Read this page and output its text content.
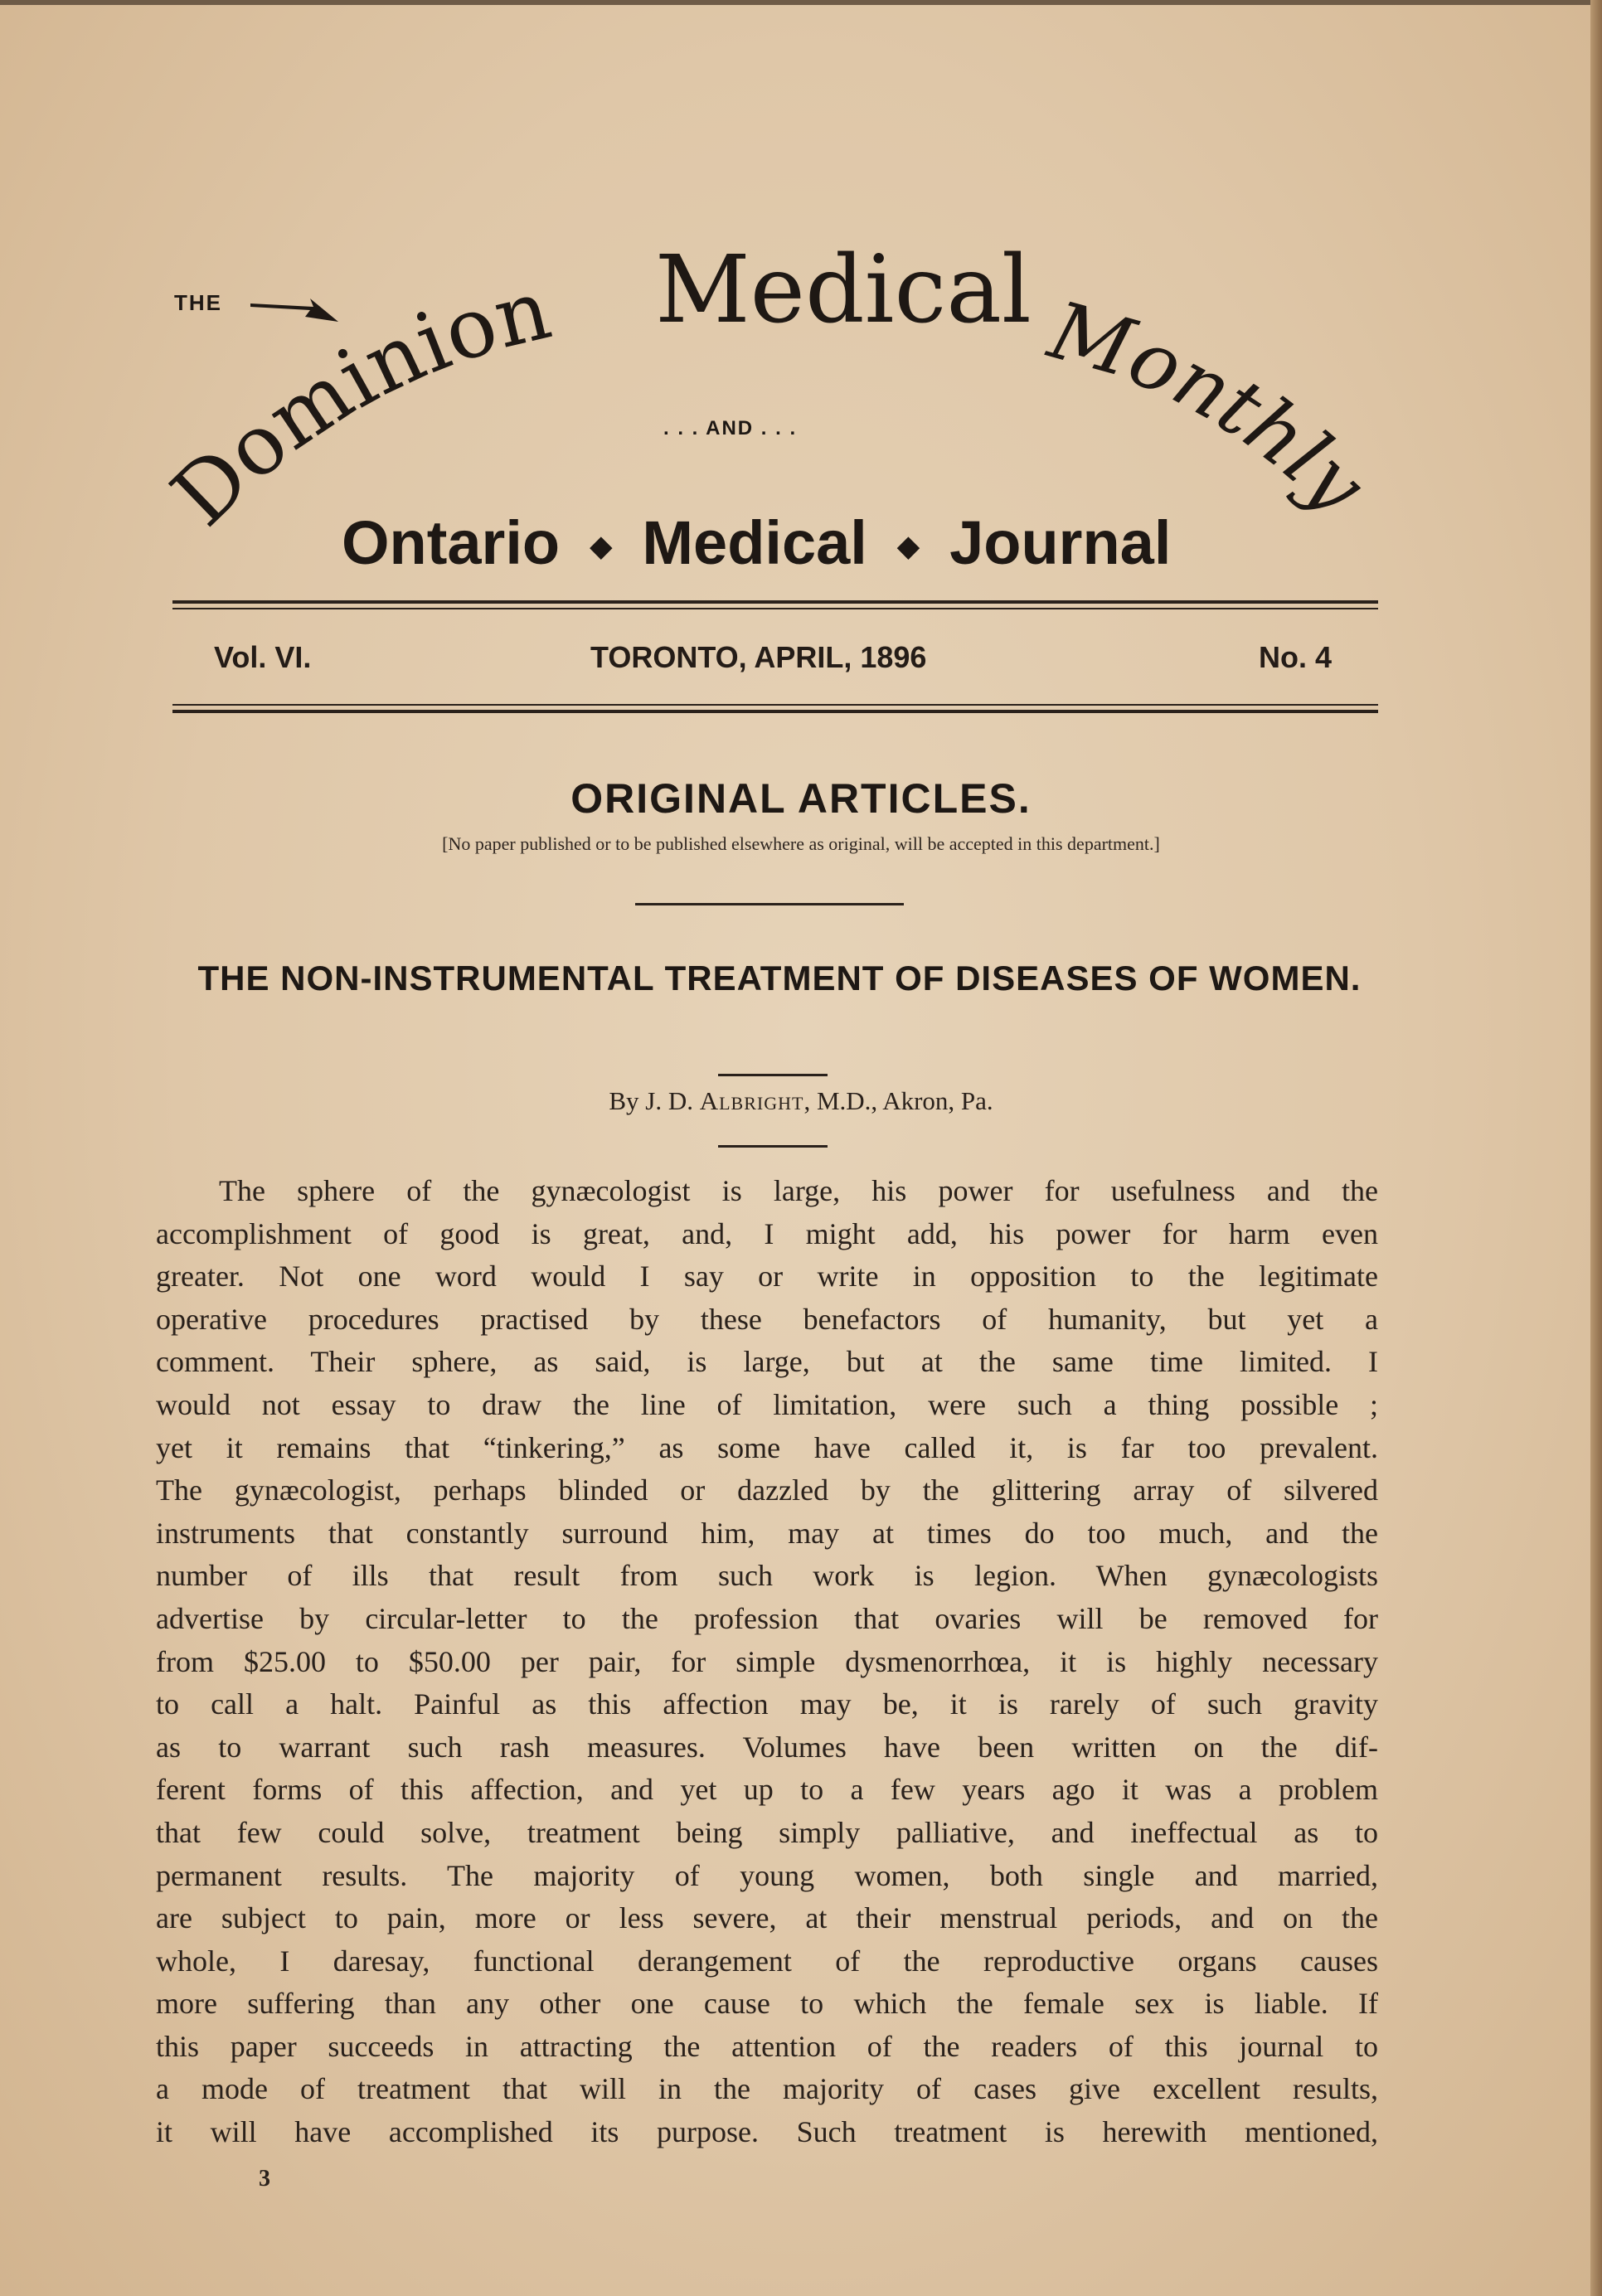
THE
Dominion	Monthly
Medical
. . . AND . . .
Ontario ◆ Medical ◆ Journal
Vol. VI.	TORONTO, APRIL, 1896	No. 4
ORIGINAL ARTICLES.
[No paper published or to be published elsewhere as original, will be accepted in this department.]
THE NON-INSTRUMENTAL TREATMENT OF DISEASES OF WOMEN.
By J. D. Albright, M.D., Akron, Pa.
The sphere of the gynæcologist is large, his power for usefulness and the
accomplishment of good is great, and, I might add, his power for harm even
greater. Not one word would I say or write in opposition to the legitimate
operative procedures practised by these benefactors of humanity, but yet a
comment. Their sphere, as said, is large, but at the same time limited. I
would not essay to draw the line of limitation, were such a thing possible ;
yet it remains that “tinkering,” as some have called it, is far too prevalent.
The gynæcologist, perhaps blinded or dazzled by the glittering array of silvered
instruments that constantly surround him, may at times do too much, and the
number of ills that result from such work is legion. When gynæcologists
advertise by circular-letter to the profession that ovaries will be removed for
from $25.00 to $50.00 per pair, for simple dysmenorrhœa, it is highly necessary
to call a halt. Painful as this affection may be, it is rarely of such gravity
as to warrant such rash measures. Volumes have been written on the dif-
ferent forms of this affection, and yet up to a few years ago it was a problem
that few could solve, treatment being simply palliative, and ineffectual as to
permanent results. The majority of young women, both single and married,
are subject to pain, more or less severe, at their menstrual periods, and on the
whole, I daresay, functional derangement of the reproductive organs causes
more suffering than any other one cause to which the female sex is liable. If
this paper succeeds in attracting the attention of the readers of this journal to
a mode of treatment that will in the majority of cases give excellent results,
it will have accomplished its purpose. Such treatment is herewith mentioned,
3
